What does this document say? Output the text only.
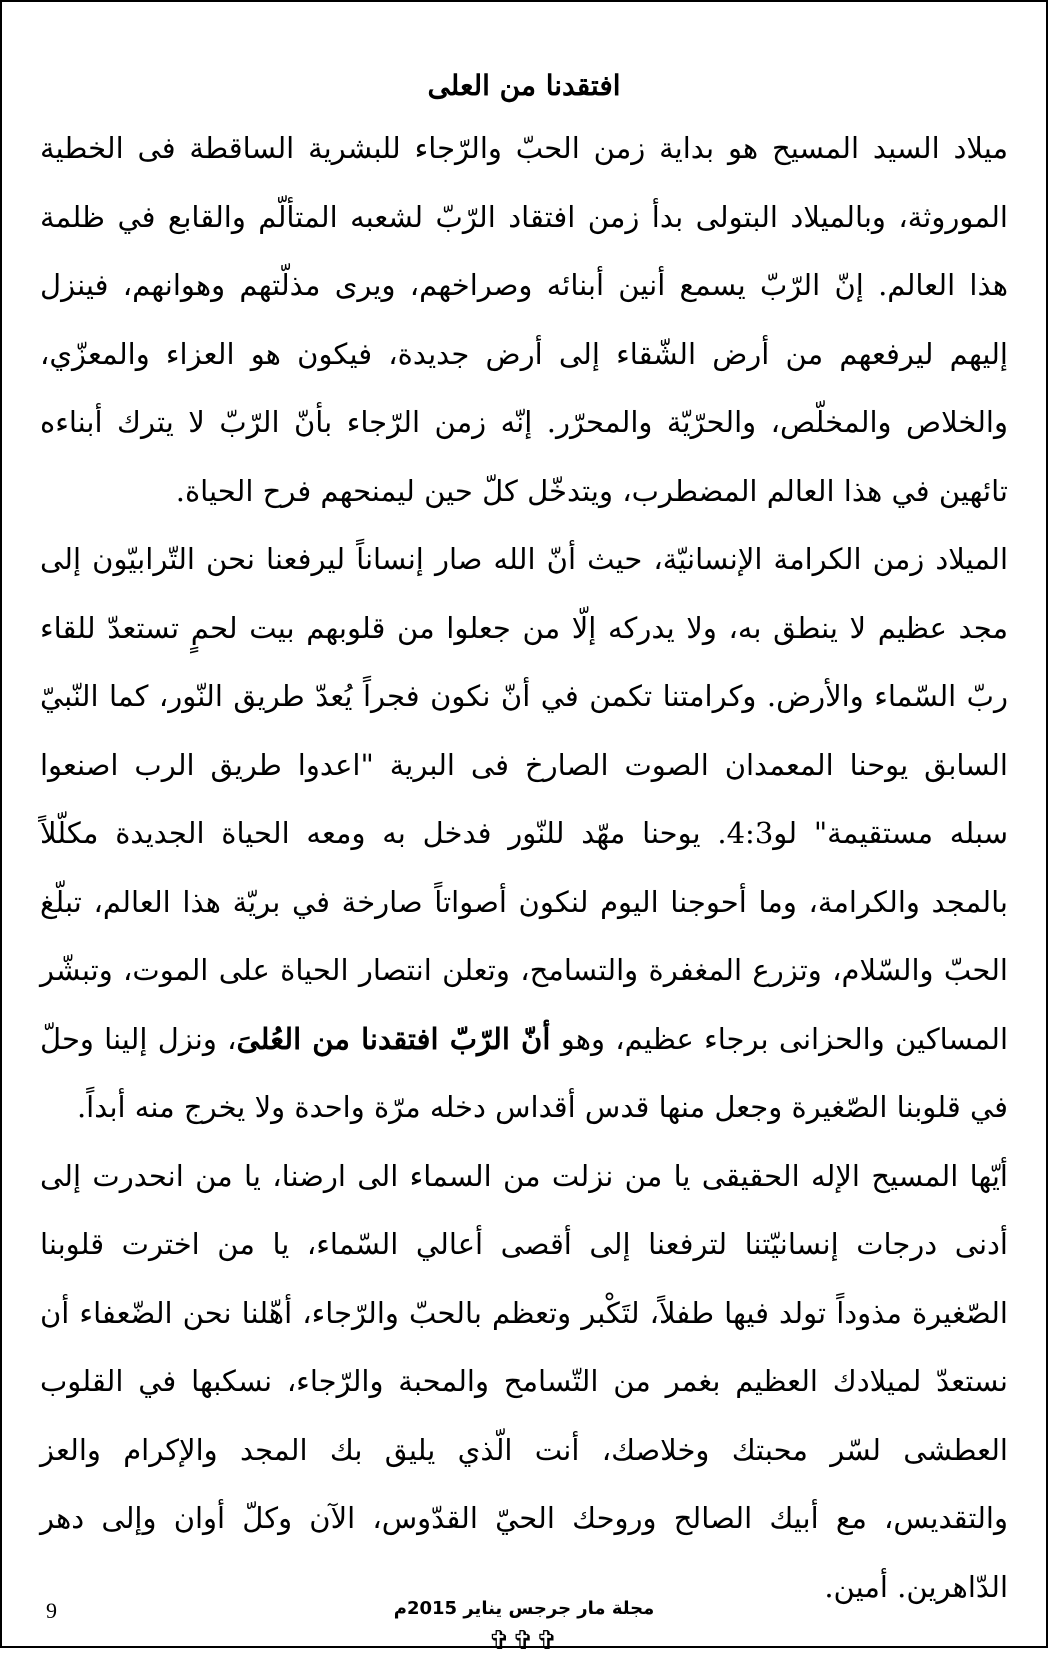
افتقدنا من العلى

ميلاد السيد المسيح هو بداية زمن الحبّ والرّجاء للبشرية الساقطة فى الخطية الموروثة، وبالميلاد البتولى بدأ زمن افتقاد الرّبّ لشعبه المتألّم والقابع في ظلمة هذا العالم. إنّ الرّبّ يسمع أنين أبنائه وصراخهم، ويرى مذلّتهم وهوانهم، فينزل إليهم ليرفعهم من أرض الشّقاء إلى أرض جديدة، فيكون هو العزاء والمعزّي، والخلاص والمخلّص، والحرّيّة والمحرّر. إنّه زمن الرّجاء بأنّ الرّبّ لا يترك أبناءه تائهين في هذا العالم المضطرب، ويتدخّل كلّ حين ليمنحهم فرح الحياة.

الميلاد زمن الكرامة الإنسانيّة، حيث أنّ الله صار إنساناً ليرفعنا نحن التّرابيّون إلى مجد عظيم لا ينطق به، ولا يدركه إلّا من جعلوا من قلوبهم بيت لحمٍ تستعدّ للقاء ربّ السّماء والأرض. وكرامتنا تكمن في أنّ نكون فجراً يُعدّ طريق النّور، كما النّبيّ السابق يوحنا المعمدان الصوت الصارخ فى البرية "اعدوا طريق الرب اصنعوا سبله مستقيمة" لو4:3. يوحنا مهّد للنّور فدخل به ومعه الحياة الجديدة مكلّلاً بالمجد والكرامة، وما أحوجنا اليوم لنكون أصواتاً صارخة في بريّة هذا العالم، تبلّغ الحبّ والسّلام، وتزرع المغفرة والتسامح، وتعلن انتصار الحياة على الموت، وتبشّر المساكين والحزانى برجاء عظيم، وهو أنّ الرّبّ افتقدنا من العُلىَ، ونزل إلينا وحلّ في قلوبنا الصّغيرة وجعل منها قدس أقداس دخله مرّة واحدة ولا يخرج منه أبداً.

أيّها المسيح الإله الحقيقى يا من نزلت من السماء الى ارضنا، يا من انحدرت إلى أدنى درجات إنسانيّتنا لترفعنا إلى أقصى أعالي السّماء، يا من اخترت قلوبنا الصّغيرة مذوداً تولد فيها طفلاً، لتَكْبر وتعظم بالحبّ والرّجاء، أهّلنا نحن الضّعفاء أن نستعدّ لميلادك العظيم بغمر من التّسامح والمحبة والرّجاء، نسكبها في القلوب العطشى لسّر محبتك وخلاصك، أنت الّذي يليق بك المجد والإكرام والعز والتقديس، مع أبيك الصالح وروحك الحيّ القدّوس، الآن وكلّ أوان وإلى دهر الدّاهرين. أمين.

✞✞✞
9	مجلة مار جرجس يناير 2015م
